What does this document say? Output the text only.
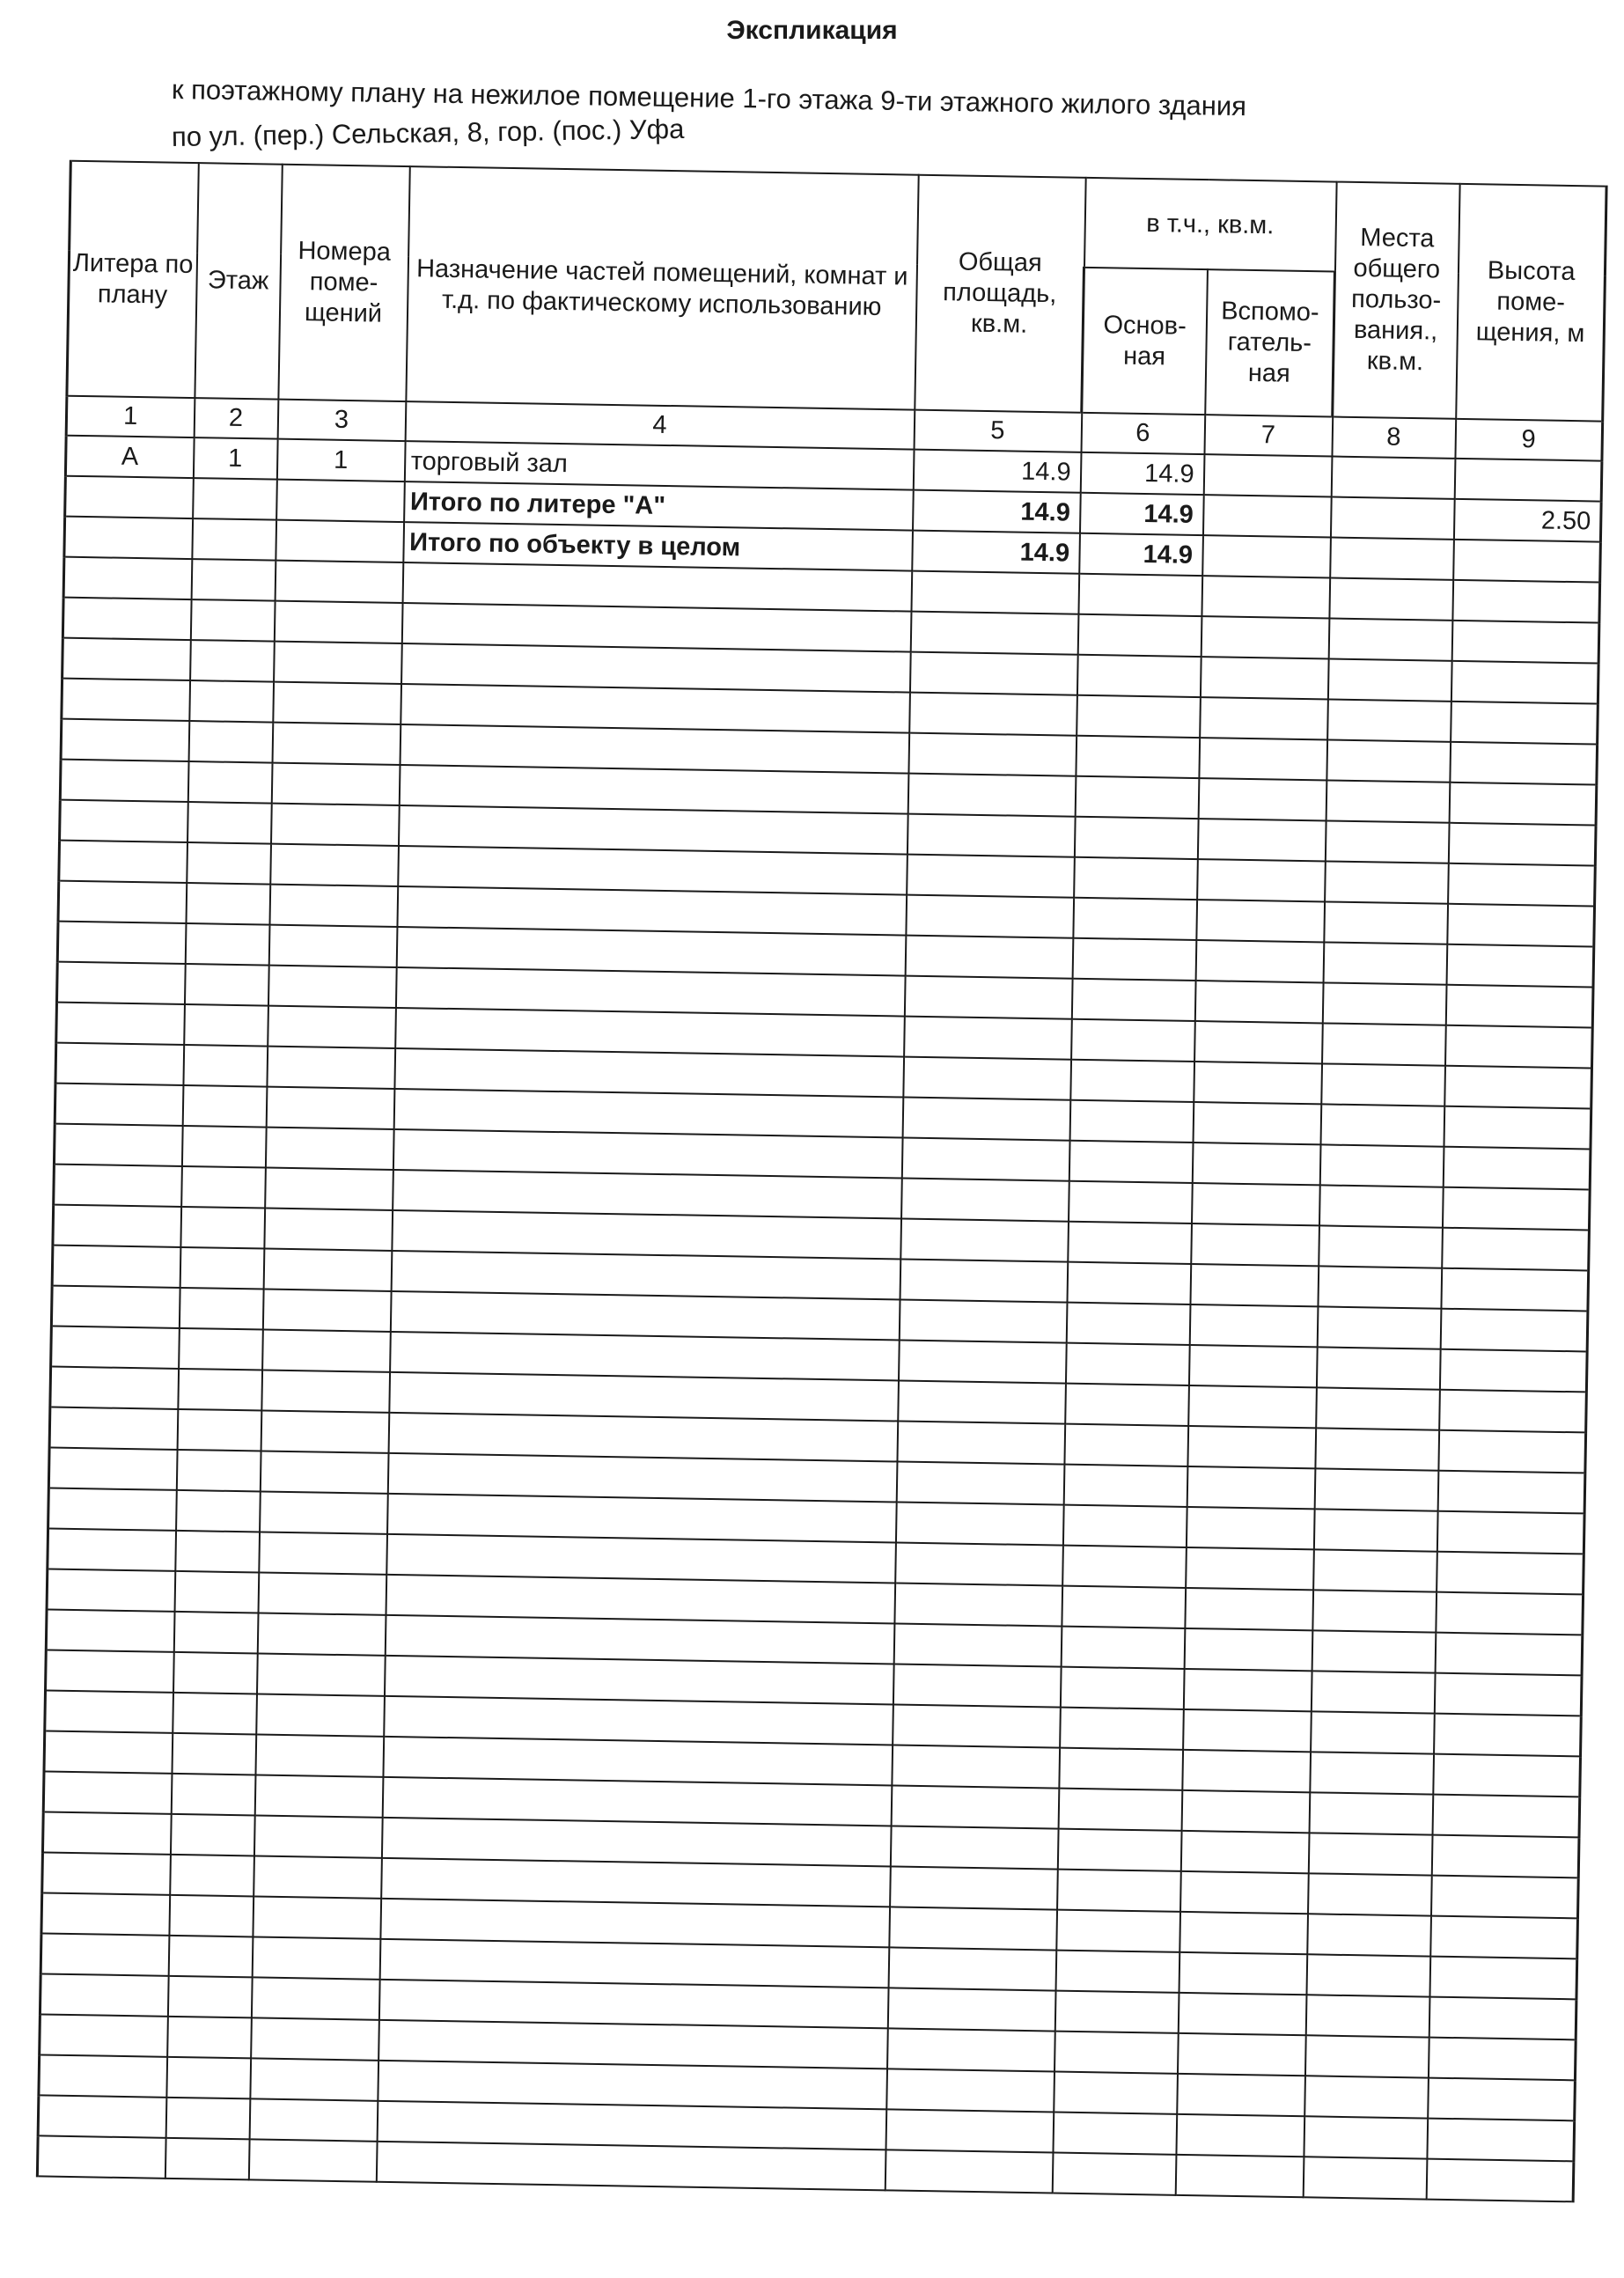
Экспликация
к поэтажному плану на нежилое помещение 1-го этажа 9-ти этажного жилого здания
по ул. (пер.) Сельская, 8, гор. (пос.) Уфа
Литера по плану	Этаж	Номера поме-щений	Назначение частей помещений, комнат и т.д. по фактическому использованию	Общая площадь, кв.м.	в т.ч., кв.м.		Места общего пользо-вания., кв.м.	Высота поме-щения, м
					Основ-ная	Вспомо-гатель-ная		
1	2	3	4	5	6	7	8	9
А	1	1	торговый зал	14.9	14.9			
			Итого по литере "А"	14.9	14.9			2.50
			Итого по объекту в целом	14.9	14.9			
